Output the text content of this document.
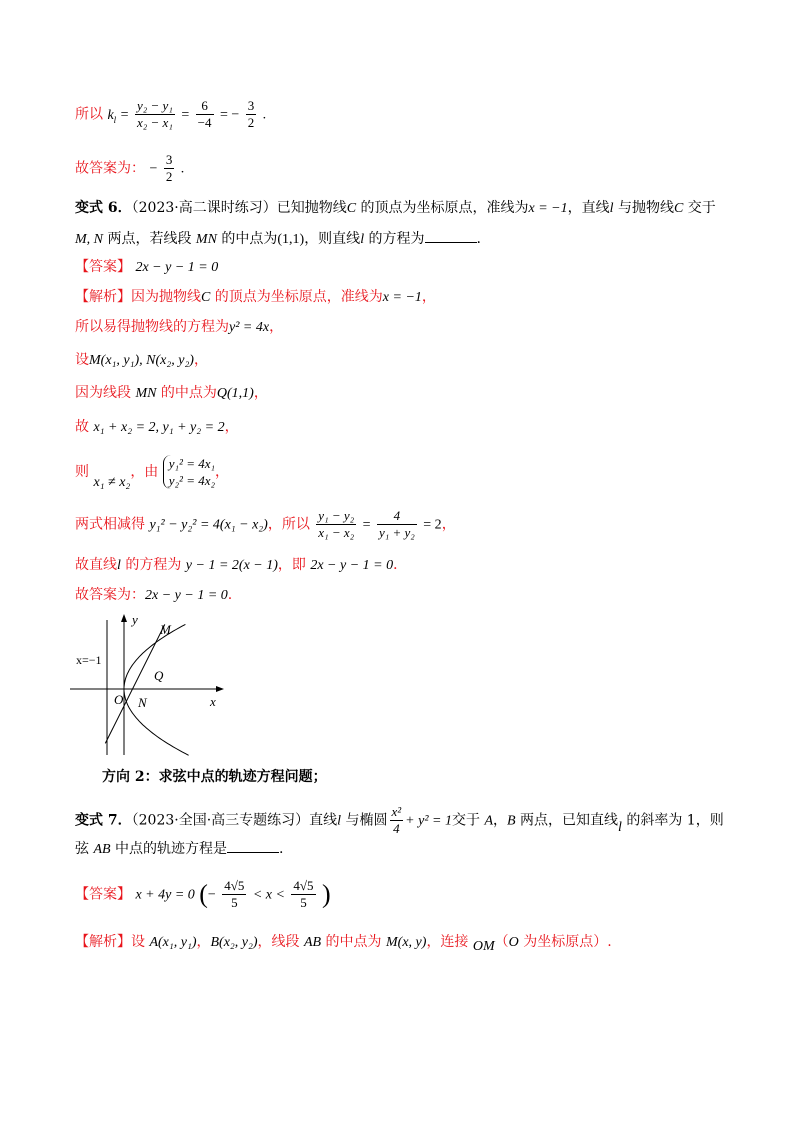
所以 $k_l = \frac{\text{y₂ − y₁}}{\text{x₂ − x₁}} = \frac{6}{-4}$ = − $\frac{3}{2}$ .
故答案为： − $\frac{3}{2}$ .
变式 6．（2023·高二课时练习）已知抛物线C 的顶点为坐标原点，准线为x = −1，直线l 与抛物线C 交于
M, N 两点，若线段 MN 的中点为(1,1)，则直线l 的方程为	.
【答案】 2x − y − 1 = 0
【解析】因为抛物线C 的顶点为坐标原点，准线为x = −1，
所以易得抛物线的方程为y² = 4x，
设M(x₁, y₁), N(x₂, y₂)，
因为线段 MN 的中点为Q(1,1)，
故 x₁ + x₂ = 2, y₁ + y₂ = 2，
则 x₁ ≠ x₂，由
y₁² = 4x₁
y₂² = 4x₂
，
两式相减得 y₁² − y₂² = 4(x₁ − x₂)，所以 $\frac{\text{y₁ − y₂}}{\text{x₁ − x₂}} = \frac{4}{\text{y₁ + y₂}} = 2$，
故直线l 的方程为 y − 1 = 2(x − 1)，即 2x − y − 1 = 0．
故答案为：2x − y − 1 = 0.
y
x
M
Q
O N
x=−1
方向 2：求弦中点的轨迹方程问题；
变式 7．（2023·全国·高三专题练习）直线l 与椭圆 $\frac{\text{x²}}{4} + y^2 = 1$交于 A，B 两点，已知直线l 的斜率为 1，则
弦 AB 中点的轨迹方程是	.
【答案】 x + 4y = 0 (− $\frac{4√5}{5} < x < \frac{4√5}{5}$ )
【解析】设 A(x₁, y₁)，B(x₂, y₂)，线段 AB 的中点为 M(x, y)，连接 OM（O 为坐标原点）.
